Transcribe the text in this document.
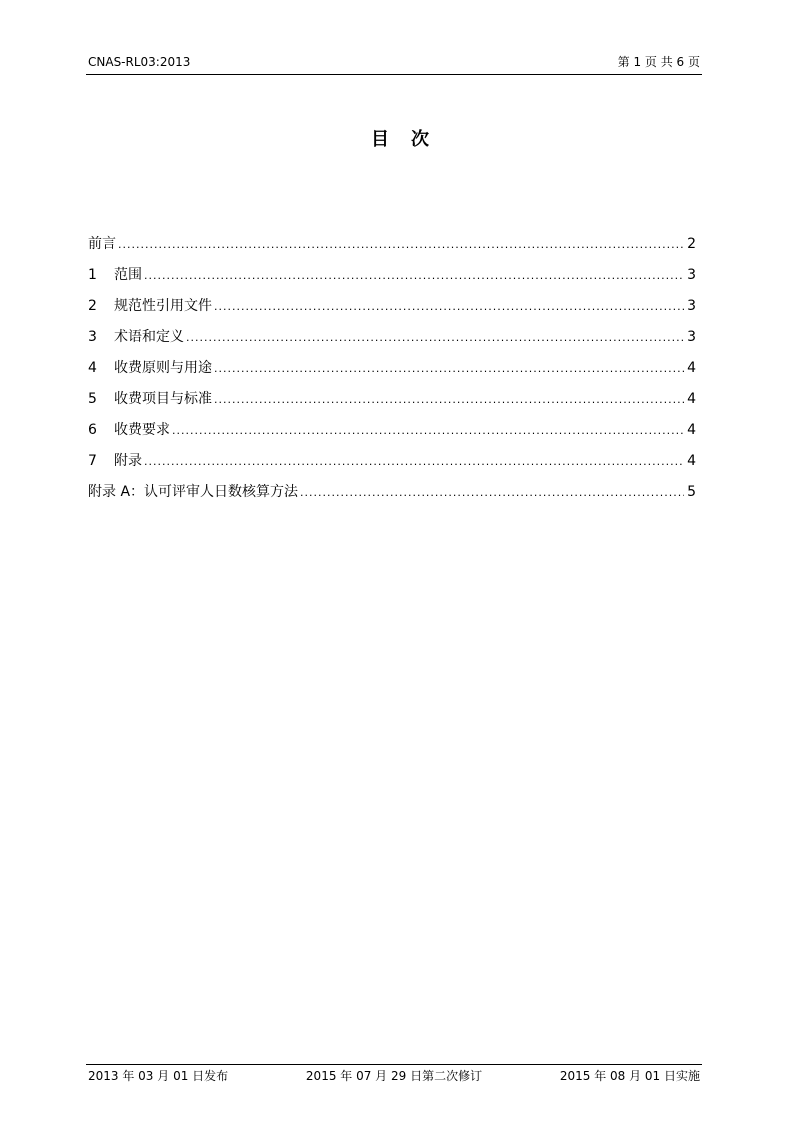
CNAS-RL03:2013	第 1 页 共 6 页
目 次
前言 .....	2
1	范围 .....	3
2	规范性引用文件 .....	3
3	术语和定义 .....	3
4	收费原则与用途 .....	4
5	收费项目与标准 .....	4
6	收费要求 .....	4
7	附录 .....	4
附录 A：认可评审人日数核算方法 .....	5
2013 年 03 月 01 日发布	2015 年 07 月 29 日第二次修订	2015 年 08 月 01 日实施
